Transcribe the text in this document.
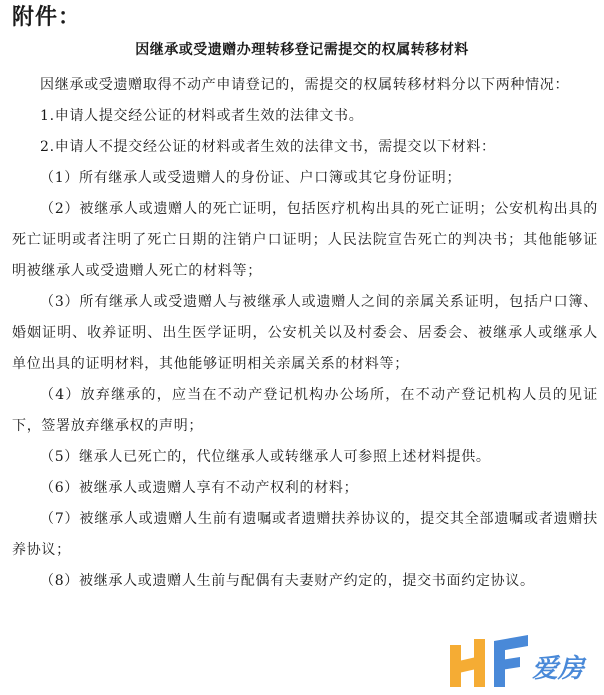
附件：
因继承或受遗赠办理转移登记需提交的权属转移材料

因继承或受遗赠取得不动产申请登记的，需提交的权属转移材料分以下两种情况：

1.申请人提交经公证的材料或者生效的法律文书。

2.申请人不提交经公证的材料或者生效的法律文书，需提交以下材料：

（1）所有继承人或受遗赠人的身份证、户口簿或其它身份证明；

（2）被继承人或遗赠人的死亡证明，包括医疗机构出具的死亡证明；公安机构出具的死亡证明或者注明了死亡日期的注销户口证明；人民法院宣告死亡的判决书；其他能够证明被继承人或受遗赠人死亡的材料等；

（3）所有继承人或受遗赠人与被继承人或遗赠人之间的亲属关系证明，包括户口簿、婚姻证明、收养证明、出生医学证明，公安机关以及村委会、居委会、被继承人或继承人单位出具的证明材料，其他能够证明相关亲属关系的材料等；

（4）放弃继承的，应当在不动产登记机构办公场所，在不动产登记机构人员的见证下，签署放弃继承权的声明；

（5）继承人已死亡的，代位继承人或转继承人可参照上述材料提供。

（6）被继承人或遗赠人享有不动产权利的材料；

（7）被继承人或遗赠人生前有遗嘱或者遗赠扶养协议的，提交其全部遗嘱或者遗赠扶养协议；

（8）被继承人或遗赠人生前与配偶有夫妻财产约定的，提交书面约定协议。

爱房
